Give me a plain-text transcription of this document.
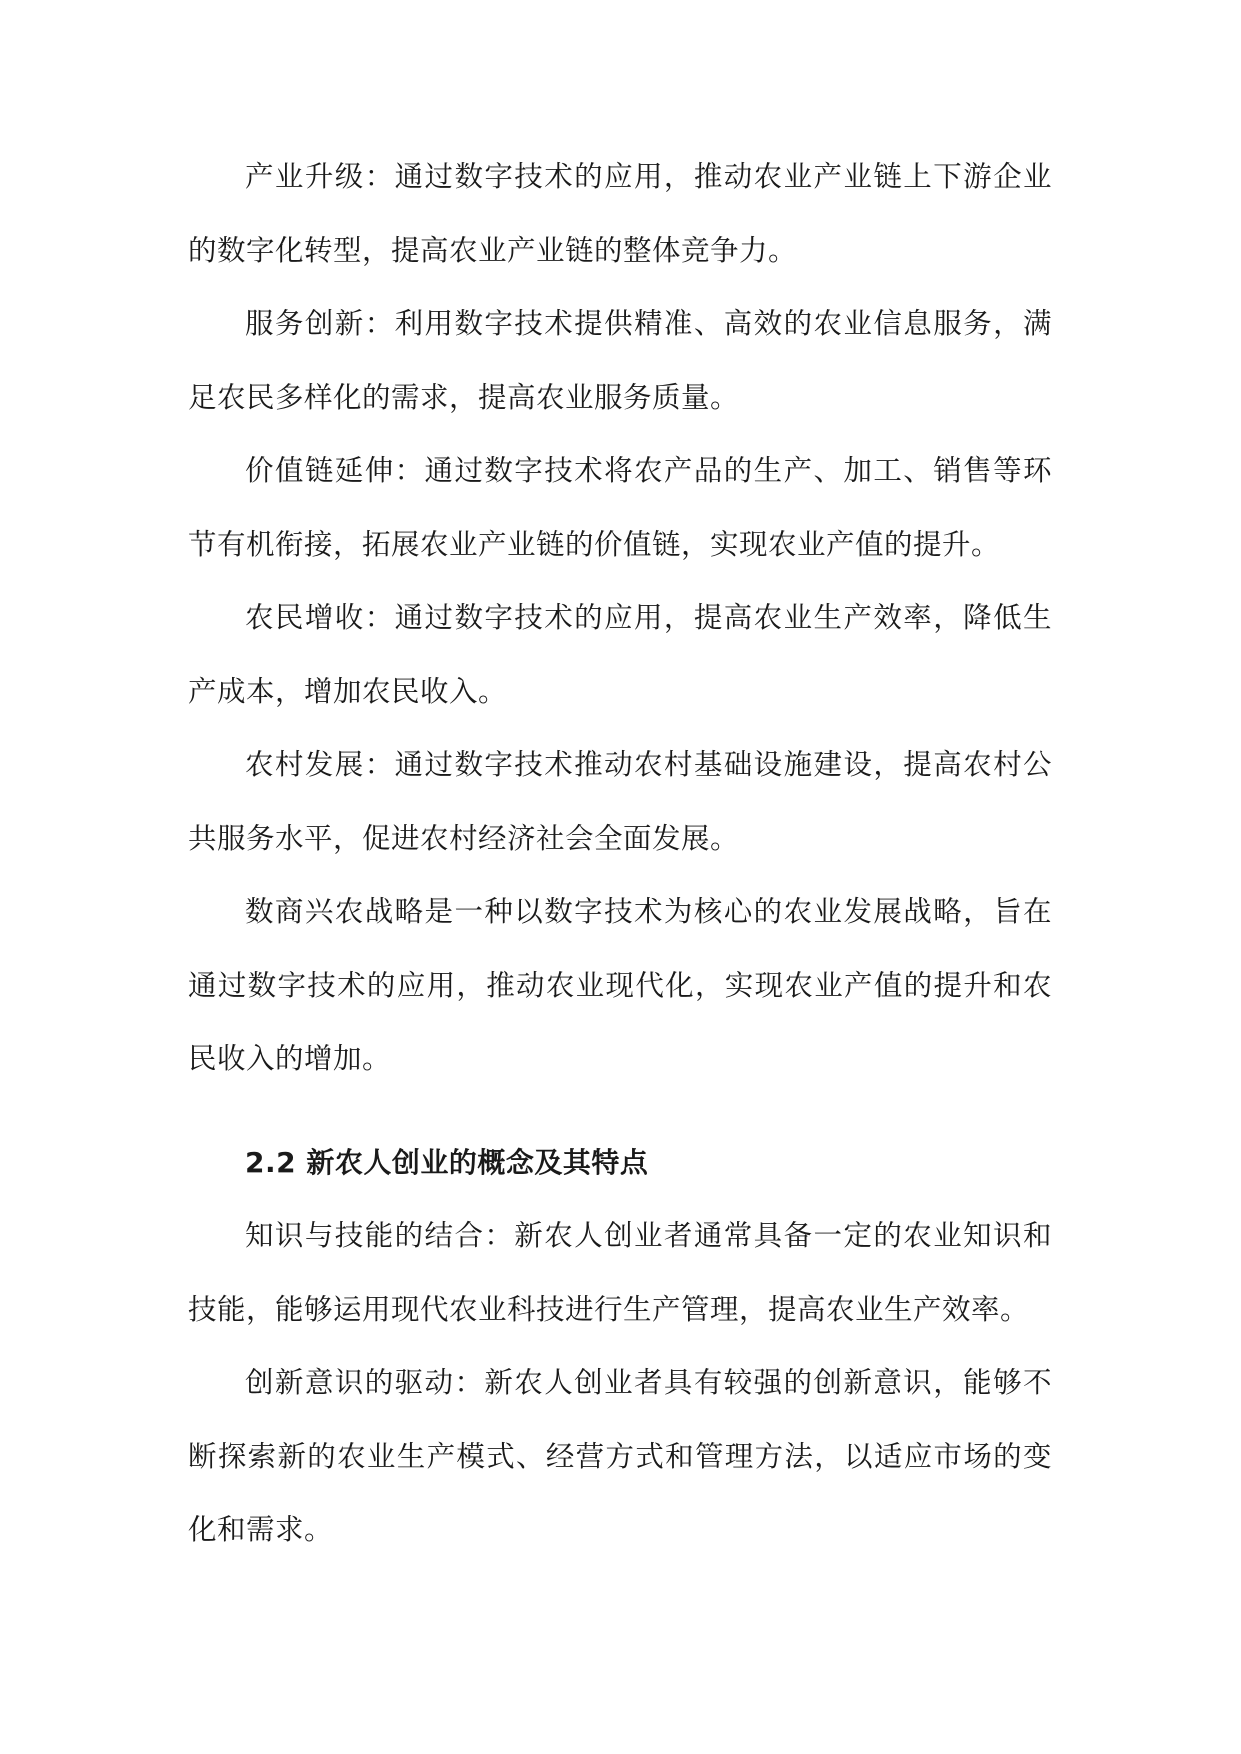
产业升级：通过数字技术的应用，推动农业产业链上下游企业的数字化转型，提高农业产业链的整体竞争力。

服务创新：利用数字技术提供精准、高效的农业信息服务，满足农民多样化的需求，提高农业服务质量。

价值链延伸：通过数字技术将农产品的生产、加工、销售等环节有机衔接，拓展农业产业链的价值链，实现农业产值的提升。

农民增收：通过数字技术的应用，提高农业生产效率，降低生产成本，增加农民收入。

农村发展：通过数字技术推动农村基础设施建设，提高农村公共服务水平，促进农村经济社会全面发展。

数商兴农战略是一种以数字技术为核心的农业发展战略，旨在通过数字技术的应用，推动农业现代化，实现农业产值的提升和农民收入的增加。

2.2 新农人创业的概念及其特点

知识与技能的结合：新农人创业者通常具备一定的农业知识和技能，能够运用现代农业科技进行生产管理，提高农业生产效率。

创新意识的驱动：新农人创业者具有较强的创新意识，能够不断探索新的农业生产模式、经营方式和管理方法，以适应市场的变化和需求。
